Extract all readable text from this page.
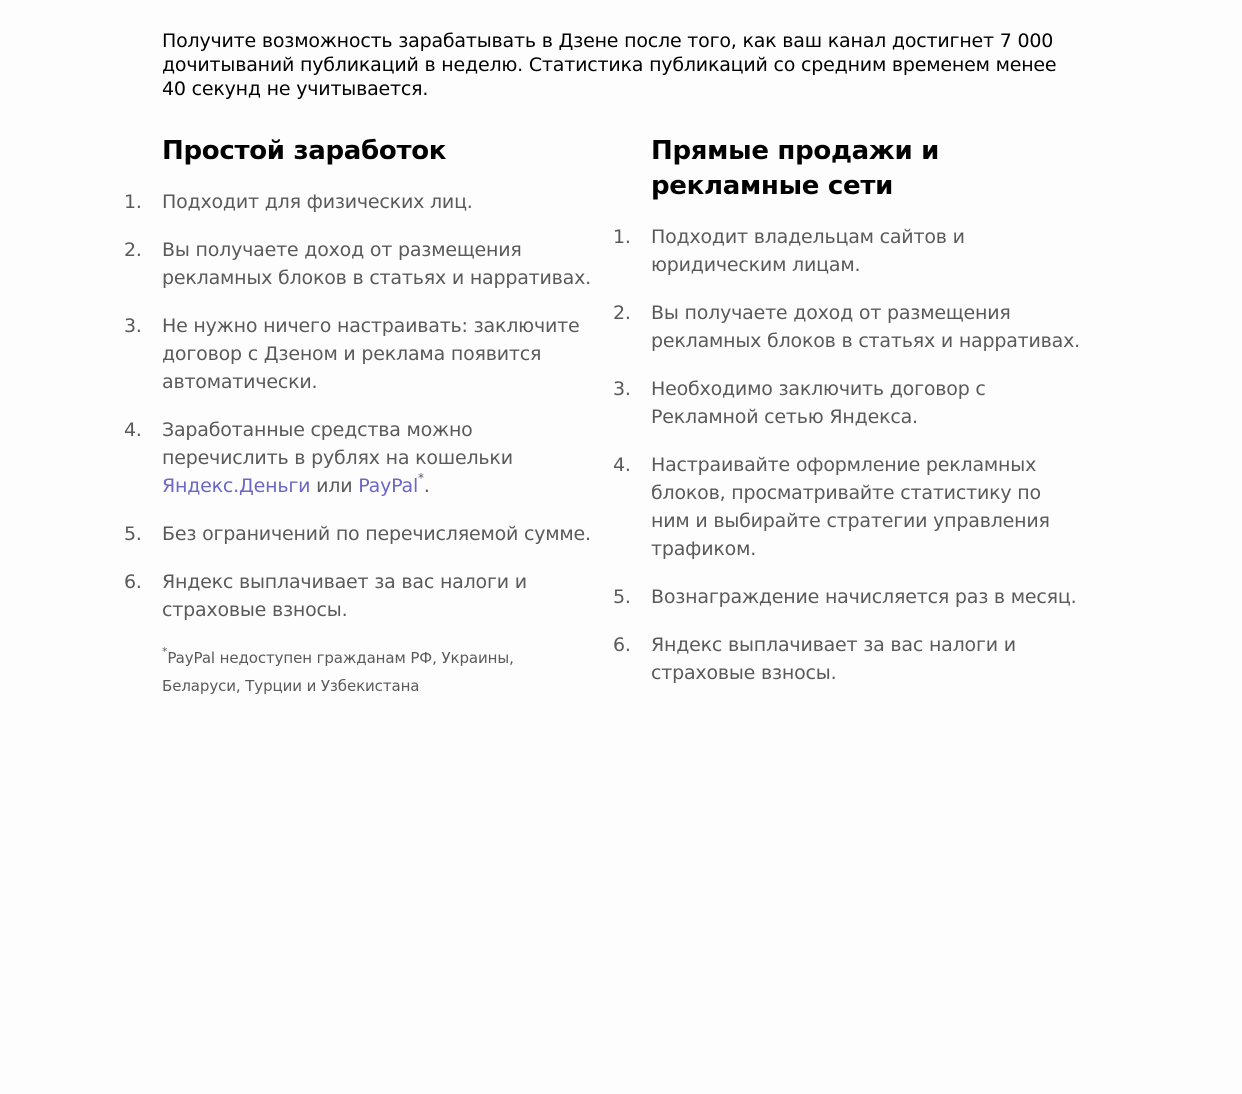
Получите возможность зарабатывать в Дзене после того, как ваш канал достигнет 7 000 дочитываний публикаций в неделю. Статистика публикаций со средним временем менее 40 секунд не учитывается.

Простой заработок
1. Подходит для физических лиц.
2. Вы получаете доход от размещения рекламных блоков в статьях и нарративах.
3. Не нужно ничего настраивать: заключите договор с Дзеном и реклама появится автоматически.
4. Заработанные средства можно перечислить в рублях на кошельки Яндекс.Деньги или PayPal*.
5. Без ограничений по перечисляемой сумме.
6. Яндекс выплачивает за вас налоги и страховые взносы.

*PayPal недоступен гражданам РФ, Украины, Беларуси, Турции и Узбекистана

Прямые продажи и рекламные сети
1. Подходит владельцам сайтов и юридическим лицам.
2. Вы получаете доход от размещения рекламных блоков в статьях и нарративах.
3. Необходимо заключить договор с Рекламной сетью Яндекса.
4. Настраивайте оформление рекламных блоков, просматривайте статистику по ним и выбирайте стратегии управления трафиком.
5. Вознаграждение начисляется раз в месяц.
6. Яндекс выплачивает за вас налоги и страховые взносы.
